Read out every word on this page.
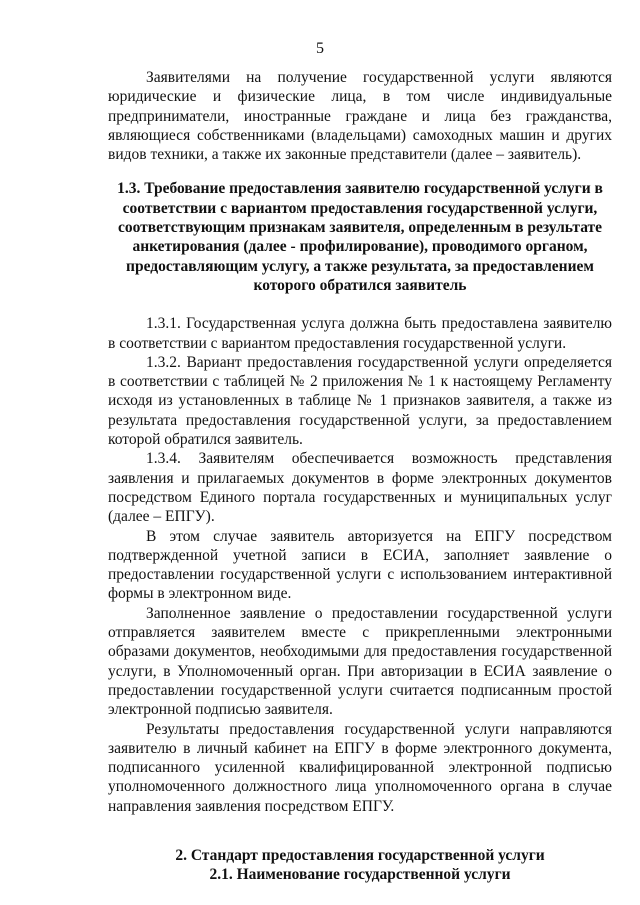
5

Заявителями на получение государственной услуги являются юридические и физические лица, в том числе индивидуальные предприниматели, иностранные граждане и лица без гражданства, являющиеся собственниками (владельцами) самоходных машин и других видов техники, а также их законные представители (далее – заявитель).

1.3. Требование предоставления заявителю государственной услуги в соответствии с вариантом предоставления государственной услуги, соответствующим признакам заявителя, определенным в результате анкетирования (далее - профилирование), проводимого органом, предоставляющим услугу, а также результата, за предоставлением которого обратился заявитель

1.3.1. Государственная услуга должна быть предоставлена заявителю в соответствии с вариантом предоставления государственной услуги.

1.3.2. Вариант предоставления государственной услуги определяется в соответствии с таблицей № 2 приложения № 1 к настоящему Регламенту исходя из установленных в таблице № 1 признаков заявителя, а также из результата предоставления государственной услуги, за предоставлением которой обратился заявитель.

1.3.4. Заявителям обеспечивается возможность представления заявления и прилагаемых документов в форме электронных документов посредством Единого портала государственных и муниципальных услуг (далее – ЕПГУ).

В этом случае заявитель авторизуется на ЕПГУ посредством подтвержденной учетной записи в ЕСИА, заполняет заявление о предоставлении государственной услуги с использованием интерактивной формы в электронном виде.

Заполненное заявление о предоставлении государственной услуги отправляется заявителем вместе с прикрепленными электронными образами документов, необходимыми для предоставления государственной услуги, в Уполномоченный орган. При авторизации в ЕСИА заявление о предоставлении государственной услуги считается подписанным простой электронной подписью заявителя.

Результаты предоставления государственной услуги направляются заявителю в личный кабинет на ЕПГУ в форме электронного документа, подписанного усиленной квалифицированной электронной подписью уполномоченного должностного лица уполномоченного органа в случае направления заявления посредством ЕПГУ.

2. Стандарт предоставления государственной услуги

2.1. Наименование государственной услуги
